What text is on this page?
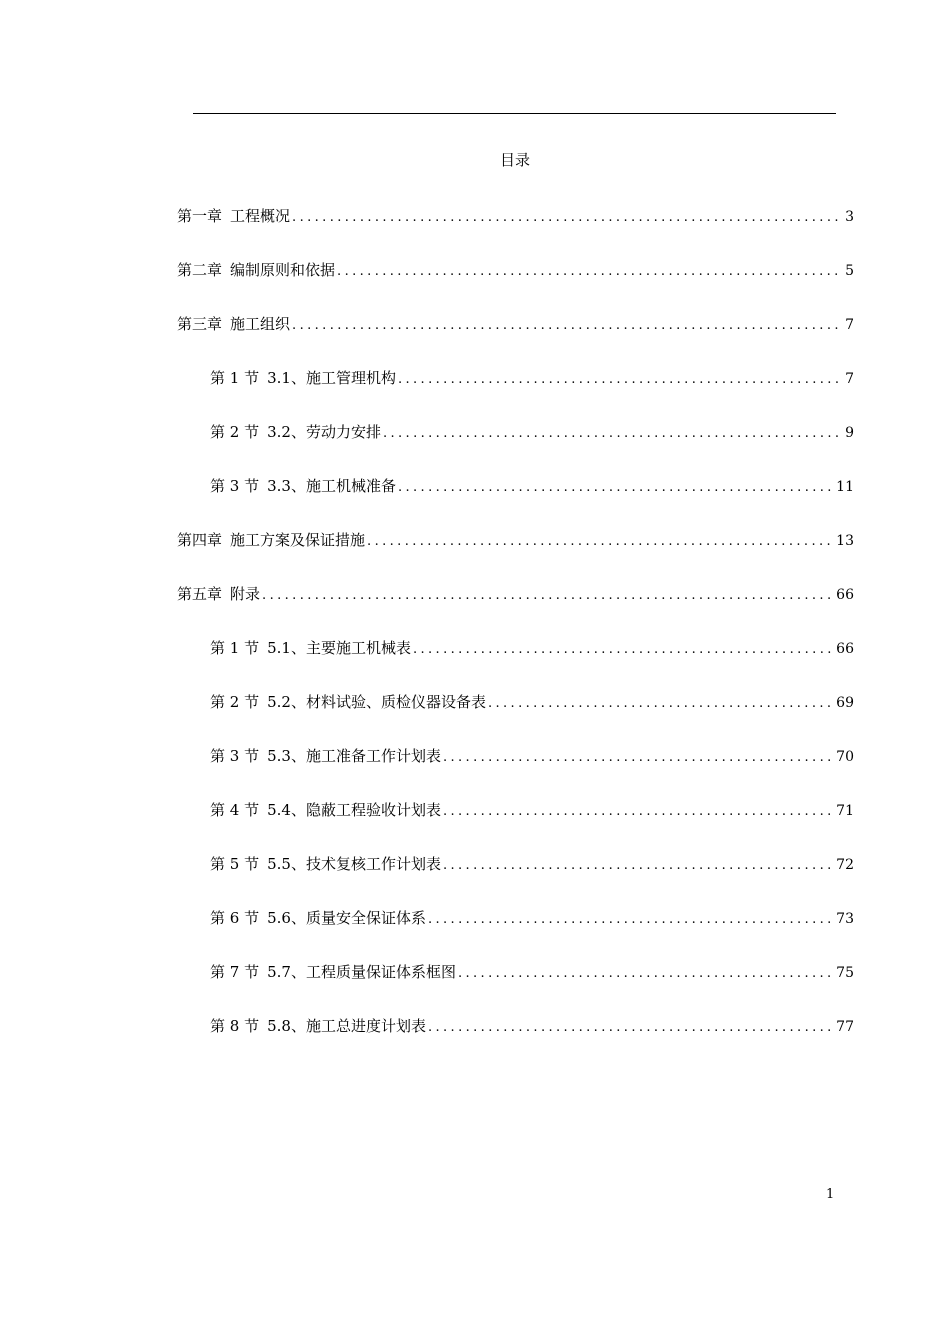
目录
第一章 工程概况 .....	3
第二章 编制原则和依据 .....	5
第三章 施工组织 .....	7
第 1 节 3.1、施工管理机构 .....	7
第 2 节 3.2、劳动力安排 .....	9
第 3 节 3.3、施工机械准备 .....	11
第四章 施工方案及保证措施 .....	13
第五章 附录 .....	66
第 1 节 5.1、主要施工机械表 .....	66
第 2 节 5.2、材料试验、质检仪器设备表 .....	69
第 3 节 5.3、施工准备工作计划表 .....	70
第 4 节 5.4、隐蔽工程验收计划表 .....	71
第 5 节 5.5、技术复核工作计划表 .....	72
第 6 节 5.6、质量安全保证体系 .....	73
第 7 节 5.7、工程质量保证体系框图 .....	75
第 8 节 5.8、施工总进度计划表 .....	77
1
